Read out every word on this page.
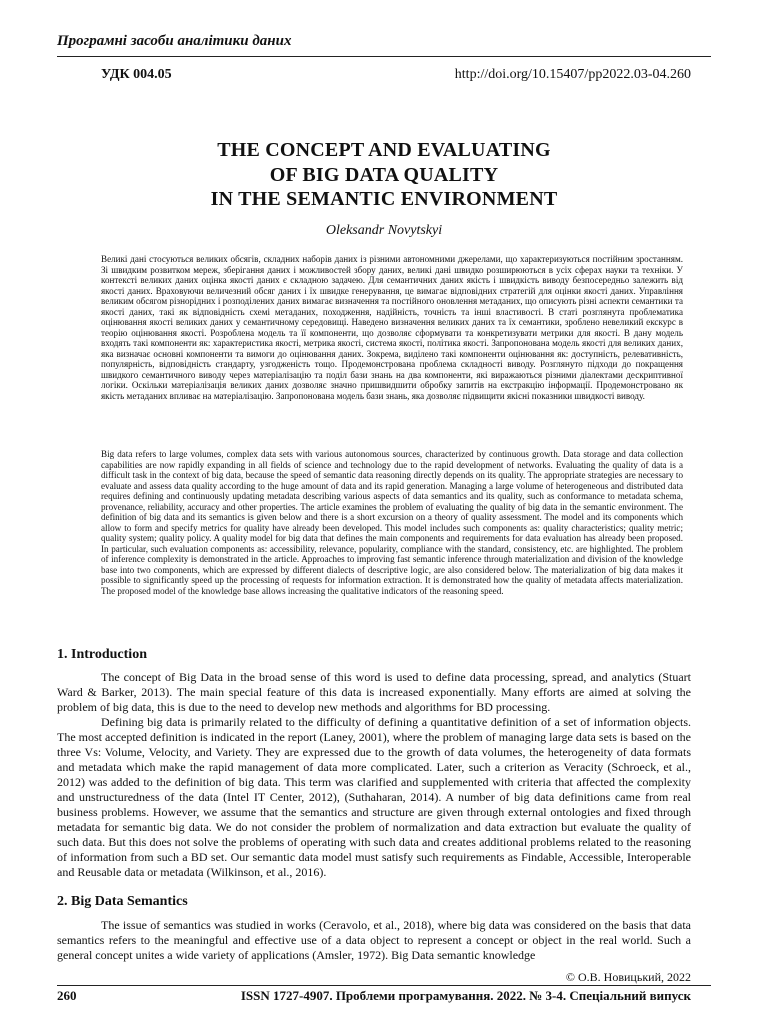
Програмні засоби аналітики даних
УДК 004.05	http://doi.org/10.15407/pp2022.03-04.260
THE CONCEPT AND EVALUATING
OF BIG DATA QUALITY
IN THE SEMANTIC ENVIRONMENT
Oleksandr Novytskyi
Великі дані стосуються великих обсягів, складних наборів даних із різними автономними джерелами, що характеризуються постійним зростанням. Зі швидким розвитком мереж, зберігання даних і можливостей збору даних, великі дані швидко розширюються в усіх сферах науки та техніки. У контексті великих даних оцінка якості даних є складною задачею. Для семантичних даних якість і швидкість виводу безпосередньо залежить від якості даних. Враховуючи величезний обсяг даних і їх швидке генерування, це вимагає відповідних стратегій для оцінки якості даних. Управління великим обсягом різнорідних і розподілених даних вимагає визначення та постійного оновлення метаданих, що описують різні аспекти семантики та якості даних, такі як відповідність схемі метаданих, походження, надійність, точність та інші властивості. В статі розглянута проблематика оцінювання якості великих даних у семантичному середовищі. Наведено визначення великих даних та їх семантики, зроблено невеликий екскурс в теорію оцінювання якості. Розроблена модель та її компоненти, що дозволяє сформувати та конкретизувати метрики для якості. В дану модель входять такі компоненти як: характеристика якості, метрика якості, система якості, політика якості. Запропонована модель якості для великих даних, яка визначає основні компоненти та вимоги до оцінювання даних. Зокрема, виділено такі компоненти оцінювання як: доступність, релевативність, популярність, відповідність стандарту, узгодженість тощо. Продемонстрована проблема складності виводу. Розглянуто підходи до покращення швидкого семантичного виводу через матеріалізацію та поділ бази знань на два компоненти, які виражаються різними діалектами дескриптивної логіки. Оскільки матеріалізація великих даних дозволяє значно пришвидшити обробку запитів на екстракцію інформації. Продемонстровано як якість метаданих впливає на матеріалізацію. Запропонована модель бази знань, яка дозволяє підвищити якісні показники швидкості виводу.
Big data refers to large volumes, complex data sets with various autonomous sources, characterized by continuous growth. Data storage and data collection capabilities are now rapidly expanding in all fields of science and technology due to the rapid development of networks. Evaluating the quality of data is a difficult task in the context of big data, because the speed of semantic data reasoning directly depends on its quality. The appropriate strategies are necessary to evaluate and assess data quality according to the huge amount of data and its rapid generation. Managing a large volume of heterogeneous and distributed data requires defining and continuously updating metadata describing various aspects of data semantics and its quality, such as conformance to metadata schema, provenance, reliability, accuracy and other properties. The article examines the problem of evaluating the quality of big data in the semantic environment. The definition of big data and its semantics is given below and there is a short excursion on a theory of quality assessment. The model and its components which allow to form and specify metrics for quality have already been developed. This model includes such components as: quality characteristics; quality metric; quality system; quality policy. A quality model for big data that defines the main components and requirements for data evaluation has already been proposed. In particular, such evaluation components as: accessibility, relevance, popularity, compliance with the standard, consistency, etc. are highlighted. The problem of inference complexity is demonstrated in the article. Approaches to improving fast semantic inference through materialization and division of the knowledge base into two components, which are expressed by different dialects of descriptive logic, are also considered below. The materialization of big data makes it possible to significantly speed up the processing of requests for information extraction. It is demonstrated how the quality of metadata affects materialization. The proposed model of the knowledge base allows increasing the qualitative indicators of the reasoning speed.
1. Introduction

The concept of Big Data in the broad sense of this word is used to define data processing, spread, and analytics (Stuart Ward & Barker, 2013). The main special feature of this data is increased exponentially. Many efforts are aimed at solving the problem of big data, this is due to the need to develop new methods and algorithms for BD processing.

Defining big data is primarily related to the difficulty of defining a quantitative definition of a set of information objects. The most accepted definition is indicated in the report (Laney, 2001), where the problem of managing large data sets is based on the three Vs: Volume, Velocity, and Variety. They are expressed due to the growth of data volumes, the heterogeneity of data formats and metadata which make the rapid management of data more complicated. Later, such a criterion as Veracity (Schroeck, et al., 2012) was added to the definition of big data. This term was clarified and supplemented with criteria that affected the complexity and unstructuredness of the data (Intel IT Center, 2012), (Suthaharan, 2014). A number of big data definitions came from real business problems. However, we assume that the semantics and structure are given through external ontologies and fixed through metadata for semantic big data. We do not consider the problem of normalization and data extraction but evaluate the quality of such data. But this does not solve the problems of operating with such data and creates additional problems related to the reasoning of information from such a BD set. Our semantic data model must satisfy such requirements as Findable, Accessible, Interoperable and Reusable data or metadata (Wilkinson, et al., 2016).

2. Big Data Semantics

The issue of semantics was studied in works (Ceravolo, et al., 2018), where big data was considered on the basis that data semantics refers to the meaningful and effective use of a data object to represent a concept or object in the real world. Such a general concept unites a wide variety of applications (Amsler, 1972). Big Data semantic knowledge

© О.В. Новицький, 2022
260	ISSN 1727-4907. Проблеми програмування. 2022. № 3-4. Спеціальний випуск
